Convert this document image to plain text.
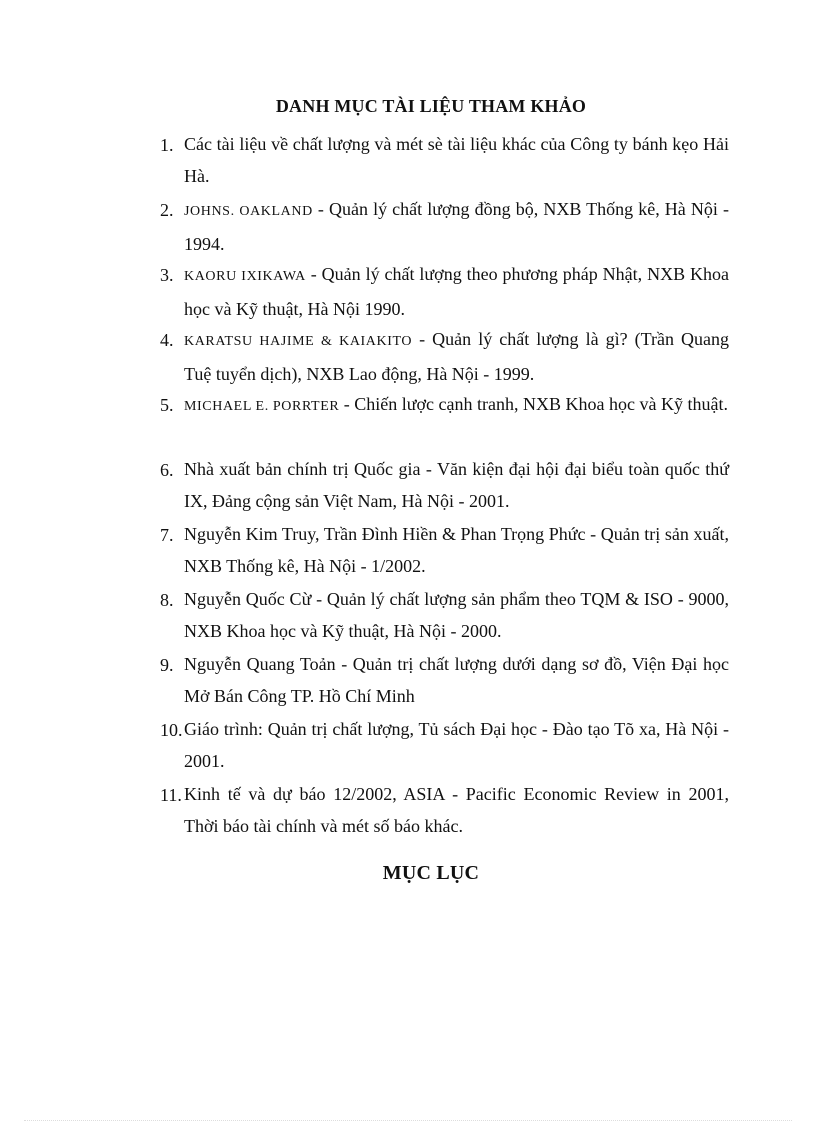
DANH MỤC TÀI LIỆU THAM KHẢO
1. Các tài liệu về chất lượng và mét sè tài liệu khác của Công ty bánh kẹo Hải Hà.
2. JOHNS. OAKLAND - Quản lý chất lượng đồng bộ, NXB Thống kê, Hà Nội - 1994.
3. KAORU IXIKAWA - Quản lý chất lượng theo phương pháp Nhật, NXB Khoa học và Kỹ thuật, Hà Nội 1990.
4. KARATSU HAJIME & KAIAKITO - Quản lý chất lượng là gì? (Trần Quang Tuệ tuyển dịch), NXB Lao động, Hà Nội - 1999.
5. MICHAEL E. PORRTER - Chiến lược cạnh tranh, NXB Khoa học và Kỹ thuật.
6. Nhà xuất bản chính trị Quốc gia - Văn kiện đại hội đại biểu toàn quốc thứ IX, Đảng cộng sản Việt Nam, Hà Nội - 2001.
7. Nguyễn Kim Truy, Trần Đình Hiền & Phan Trọng Phức - Quản trị sản xuất, NXB Thống kê, Hà Nội - 1/2002.
8. Nguyễn Quốc Cừ - Quản lý chất lượng sản phẩm theo TQM & ISO - 9000, NXB Khoa học và Kỹ thuật, Hà Nội - 2000.
9. Nguyễn Quang Toản - Quản trị chất lượng dưới dạng sơ đồ, Viện Đại học Mở Bán Công TP. Hồ Chí Minh
10. Giáo trình: Quản trị chất lượng, Tủ sách Đại học - Đào tạo Tõ xa, Hà Nội - 2001.
11. Kinh tế và dự báo 12/2002, ASIA - Pacific Economic Review in 2001, Thời báo tài chính và mét số báo khác.
MỤC LỤC
